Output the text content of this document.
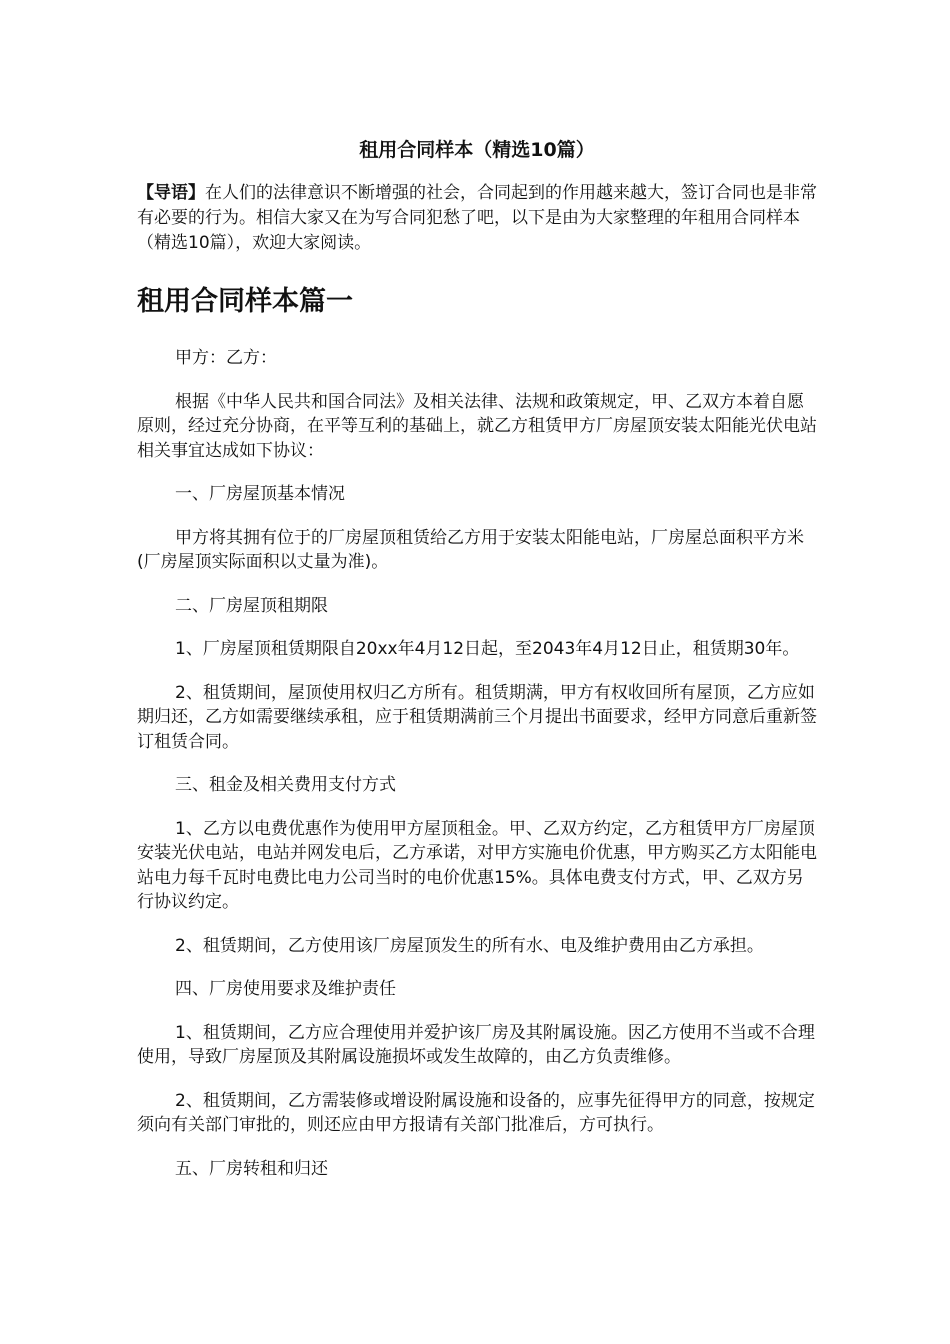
租用合同样本（精选10篇）

【导语】在人们的法律意识不断增强的社会，合同起到的作用越来越大，签订合同也是非常有必要的行为。相信大家又在为写合同犯愁了吧，以下是由为大家整理的年租用合同样本（精选10篇），欢迎大家阅读。

租用合同样本篇一

甲方：乙方：

根据《中华人民共和国合同法》及相关法律、法规和政策规定，甲、乙双方本着自愿原则，经过充分协商，在平等互利的基础上，就乙方租赁甲方厂房屋顶安装太阳能光伏电站相关事宜达成如下协议：

一、厂房屋顶基本情况

甲方将其拥有位于的厂房屋顶租赁给乙方用于安装太阳能电站，厂房屋总面积平方米(厂房屋顶实际面积以丈量为准)。

二、厂房屋顶租期限

1、厂房屋顶租赁期限自20xx年4月12日起，至2043年4月12日止，租赁期30年。

2、租赁期间，屋顶使用权归乙方所有。租赁期满，甲方有权收回所有屋顶，乙方应如期归还，乙方如需要继续承租，应于租赁期满前三个月提出书面要求，经甲方同意后重新签订租赁合同。

三、租金及相关费用支付方式

1、乙方以电费优惠作为使用甲方屋顶租金。甲、乙双方约定，乙方租赁甲方厂房屋顶安装光伏电站，电站并网发电后，乙方承诺，对甲方实施电价优惠，甲方购买乙方太阳能电站电力每千瓦时电费比电力公司当时的电价优惠15%。具体电费支付方式，甲、乙双方另行协议约定。

2、租赁期间，乙方使用该厂房屋顶发生的所有水、电及维护费用由乙方承担。

四、厂房使用要求及维护责任

1、租赁期间，乙方应合理使用并爱护该厂房及其附属设施。因乙方使用不当或不合理使用，导致厂房屋顶及其附属设施损坏或发生故障的，由乙方负责维修。

2、租赁期间，乙方需装修或增设附属设施和设备的，应事先征得甲方的同意，按规定须向有关部门审批的，则还应由甲方报请有关部门批准后，方可执行。

五、厂房转租和归还
